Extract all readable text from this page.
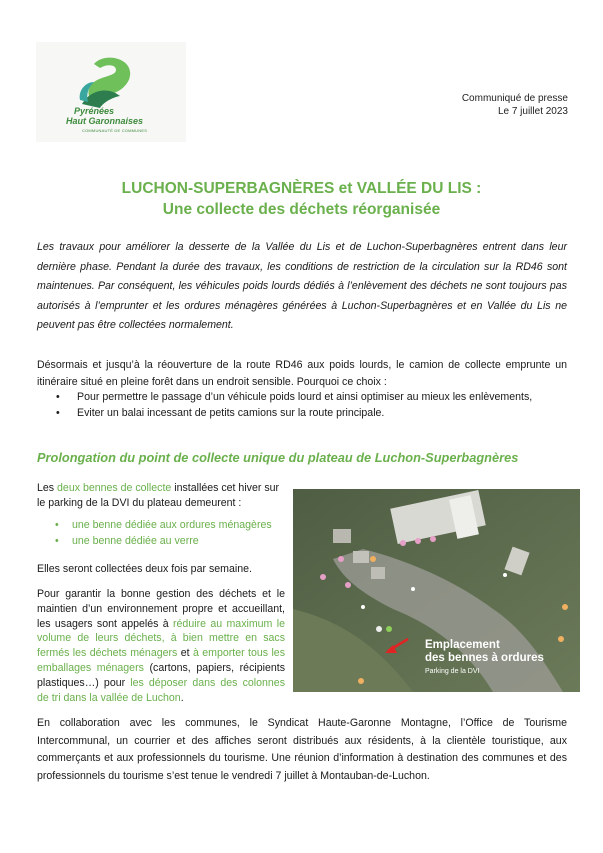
Pyrénées
Haut Garonnaises
COMMUNAUTÉ DE COMMUNES
Communiqué de presse
Le 7 juillet 2023
LUCHON-SUPERBAGNÈRES et VALLÉE DU LIS :
Une collecte des déchets réorganisée
Les travaux pour améliorer la desserte de la Vallée du Lis et de Luchon-Superbagnères entrent dans leur dernière phase. Pendant la durée des travaux, les conditions de restriction de la circulation sur la RD46 sont maintenues. Par conséquent, les véhicules poids lourds dédiés à l’enlèvement des déchets ne sont toujours pas autorisés à l’emprunter et les ordures ménagères générées à Luchon-Superbagnères et en Vallée du Lis ne peuvent pas être collectées normalement.
Désormais et jusqu’à la réouverture de la route RD46 aux poids lourds, le camion de collecte emprunte un itinéraire situé en pleine forêt dans un endroit sensible. Pourquoi ce choix :
• Pour permettre le passage d’un véhicule poids lourd et ainsi optimiser au mieux les enlèvements,
• Eviter un balai incessant de petits camions sur la route principale.
Prolongation du point de collecte unique du plateau de Luchon-Superbagnères
Les deux bennes de collecte installées cet hiver sur le parking de la DVI du plateau demeurent :
• une benne dédiée aux ordures ménagères
• une benne dédiée au verre
Elles seront collectées deux fois par semaine.
Pour garantir la bonne gestion des déchets et le maintien d’un environnement propre et accueillant, les usagers sont appelés à réduire au maximum le volume de leurs déchets, à bien mettre en sacs fermés les déchets ménagers et à emporter tous les emballages ménagers (cartons, papiers, récipients plastiques…) pour les déposer dans des colonnes de tri dans la vallée de Luchon.
Emplacement
des bennes à ordures
Parking de la DVI
En collaboration avec les communes, le Syndicat Haute-Garonne Montagne, l’Office de Tourisme Intercommunal, un courrier et des affiches seront distribués aux résidents, à la clientèle touristique, aux commerçants et aux professionnels du tourisme. Une réunion d’information à destination des communes et des professionnels du tourisme s’est tenue le vendredi 7 juillet à Montauban-de-Luchon.
